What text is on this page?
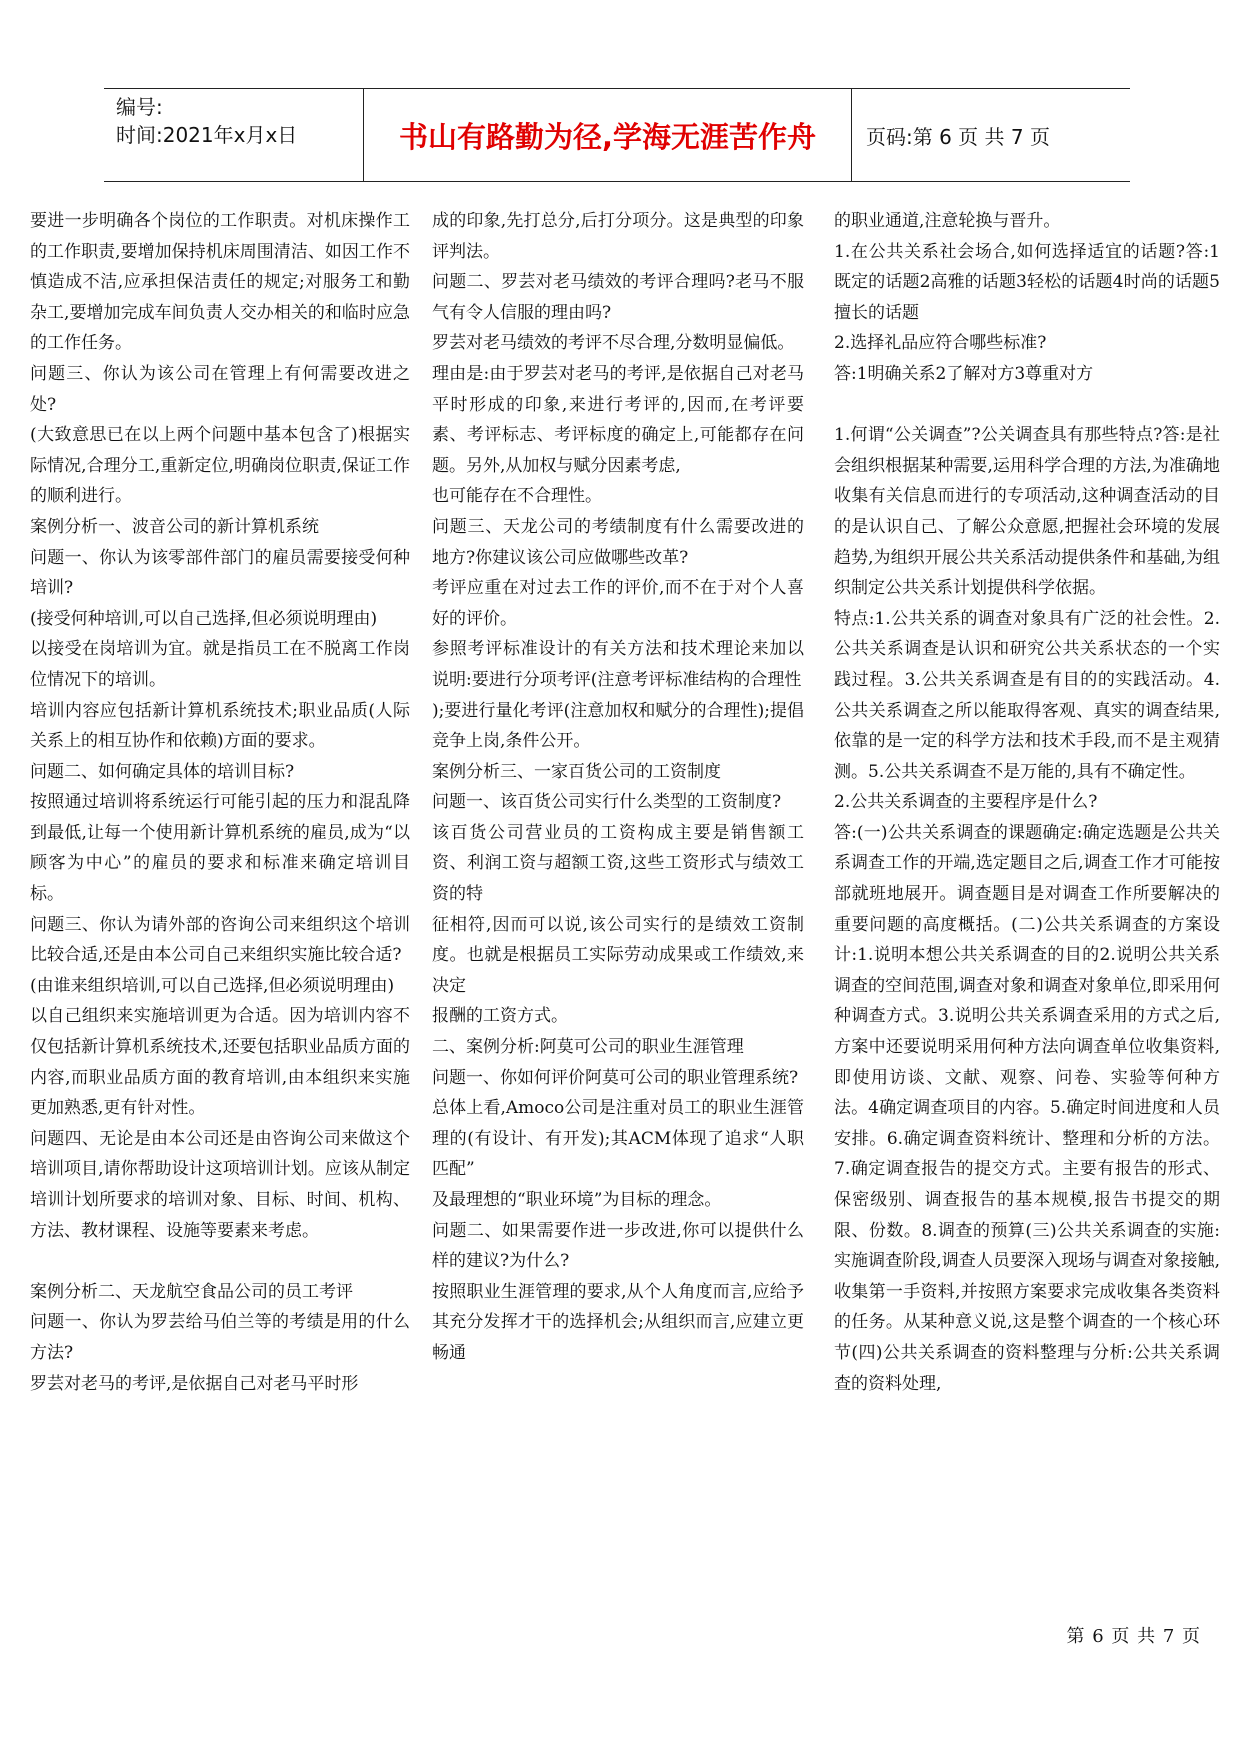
编号:
时间:2021年x月x日	书山有路勤为径,学海无涯苦作舟 页码:第 6 页 共 7 页

要进一步明确各个岗位的工作职责。对机床操作工的工作职责,要增加保持机床周围清洁、如因工作不慎造成不洁,应承担保洁责任的规定;对服务工和勤杂工,要增加完成车间负责人交办相关的和临时应急的工作任务。

问题三、你认为该公司在管理上有何需要改进之处?

(大致意思已在以上两个问题中基本包含了)根据实际情况,合理分工,重新定位,明确岗位职责,保证工作的顺利进行。

案例分析一、波音公司的新计算机系统

问题一、你认为该零部件部门的雇员需要接受何种培训?

(接受何种培训,可以自己选择,但必须说明理由)

以接受在岗培训为宜。就是指员工在不脱离工作岗位情况下的培训。

培训内容应包括新计算机系统技术;职业品质(人际关系上的相互协作和依赖)方面的要求。

问题二、如何确定具体的培训目标?

按照通过培训将系统运行可能引起的压力和混乱降到最低,让每一个使用新计算机系统的雇员,成为“以顾客为中心”的雇员的要求和标准来确定培训目标。

问题三、你认为请外部的咨询公司来组织这个培训比较合适,还是由本公司自己来组织实施比较合适?

(由谁来组织培训,可以自己选择,但必须说明理由)

以自己组织来实施培训更为合适。因为培训内容不仅包括新计算机系统技术,还要包括职业品质方面的内容,而职业品质方面的教育培训,由本组织来实施更加熟悉,更有针对性。

问题四、无论是由本公司还是由咨询公司来做这个培训项目,请你帮助设计这项培训计划。应该从制定培训计划所要求的培训对象、目标、时间、机构、方法、教材课程、设施等要素来考虑。

案例分析二、天龙航空食品公司的员工考评

问题一、你认为罗芸给马伯兰等的考绩是用的什么方法?

罗芸对老马的考评,是依据自己对老马平时形

成的印象,先打总分,后打分项分。这是典型的印象评判法。

问题二、罗芸对老马绩效的考评合理吗?老马不服气有令人信服的理由吗?

罗芸对老马绩效的考评不尽合理,分数明显偏低。

理由是:由于罗芸对老马的考评,是依据自己对老马平时形成的印象,来进行考评的,因而,在考评要素、考评标志、考评标度的确定上,可能都存在问题。另外,从加权与赋分因素考虑,

也可能存在不合理性。

问题三、天龙公司的考绩制度有什么需要改进的地方?你建议该公司应做哪些改革?

考评应重在对过去工作的评价,而不在于对个人喜好的评价。

参照考评标准设计的有关方法和技术理论来加以说明:要进行分项考评(注意考评标准结构的合理性

);要进行量化考评(注意加权和赋分的合理性);提倡竞争上岗,条件公开。

案例分析三、一家百货公司的工资制度

问题一、该百货公司实行什么类型的工资制度?

该百货公司营业员的工资构成主要是销售额工资、利润工资与超额工资,这些工资形式与绩效工资的特

征相符,因而可以说,该公司实行的是绩效工资制度。也就是根据员工实际劳动成果或工作绩效,来决定

报酬的工资方式。

二、案例分析:阿莫可公司的职业生涯管理

问题一、你如何评价阿莫可公司的职业管理系统?

总体上看,Amoco公司是注重对员工的职业生涯管理的(有设计、有开发);其ACM体现了追求“人职匹配”

及最理想的“职业环境”为目标的理念。

问题二、如果需要作进一步改进,你可以提供什么样的建议?为什么?

按照职业生涯管理的要求,从个人角度而言,应给予其充分发挥才干的选择机会;从组织而言,应建立更畅通

的职业通道,注意轮换与晋升。

1.在公共关系社会场合,如何选择适宜的话题?答:1既定的话题2高雅的话题3轻松的话题4时尚的话题5擅长的话题

2.选择礼品应符合哪些标准?

答:1明确关系2了解对方3尊重对方

1.何谓“公关调查”?公关调查具有那些特点?答:是社会组织根据某种需要,运用科学合理的方法,为准确地收集有关信息而进行的专项活动,这种调查活动的目的是认识自己、了解公众意愿,把握社会环境的发展趋势,为组织开展公共关系活动提供条件和基础,为组织制定公共关系计划提供科学依据。

特点:1.公共关系的调查对象具有广泛的社会性。2.公共关系调查是认识和研究公共关系状态的一个实践过程。3.公共关系调查是有目的的实践活动。4.公共关系调查之所以能取得客观、真实的调查结果,依靠的是一定的科学方法和技术手段,而不是主观猜测。5.公共关系调查不是万能的,具有不确定性。

2.公共关系调查的主要程序是什么?

答:(一)公共关系调查的课题确定:确定选题是公共关系调查工作的开端,选定题目之后,调查工作才可能按部就班地展开。调查题目是对调查工作所要解决的重要问题的高度概括。(二)公共关系调查的方案设计:1.说明本想公共关系调查的目的2.说明公共关系调查的空间范围,调查对象和调查对象单位,即采用何种调查方式。3.说明公共关系调查采用的方式之后,方案中还要说明采用何种方法向调查单位收集资料,即使用访谈、文献、观察、问卷、实验等何种方法。4确定调查项目的内容。5.确定时间进度和人员安排。6.确定调查资料统计、整理和分析的方法。7.确定调查报告的提交方式。主要有报告的形式、保密级别、调查报告的基本规模,报告书提交的期限、份数。8.调查的预算(三)公共关系调查的实施:实施调查阶段,调查人员要深入现场与调查对象接触,收集第一手资料,并按照方案要求完成收集各类资料的任务。从某种意义说,这是整个调查的一个核心环节(四)公共关系调查的资料整理与分析:公共关系调查的资料处理,

第 6 页 共 7 页
